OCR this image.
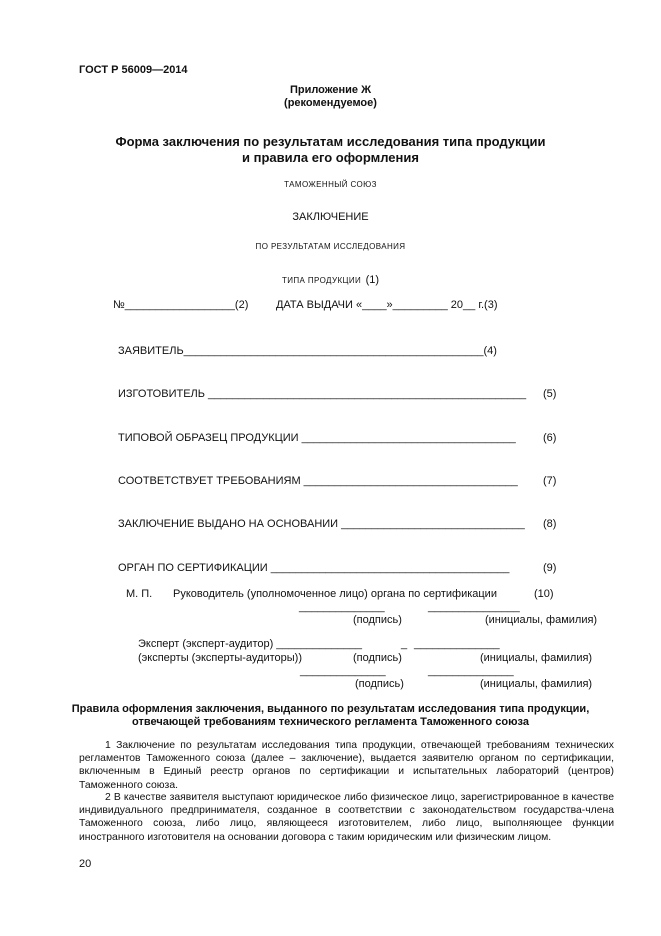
ГОСТ Р 56009—2014
Приложение Ж
(рекомендуемое)
Форма заключения по результатам исследования типа продукции
и правила его оформления
ТАМОЖЕННЫЙ СОЮЗ
ЗАКЛЮЧЕНИЕ
ПО РЕЗУЛЬТАТАМ ИССЛЕДОВАНИЯ
ТИПА ПРОДУКЦИИ (1)
№__________________(2)	ДАТА ВЫДАЧИ «____»_________ 20__ г.(3)
ЗАЯВИТЕЛЬ_________________________________________________(4)
ИЗГОТОВИТЕЛЬ ____________________________________________________ (5)
ТИПОВОЙ ОБРАЗЕЦ ПРОДУКЦИИ ___________________________________ (6)
СООТВЕТСТВУЕТ ТРЕБОВАНИЯМ ___________________________________ (7)
ЗАКЛЮЧЕНИЕ ВЫДАНО НА ОСНОВАНИИ ______________________________ (8)
ОРГАН ПО СЕРТИФИКАЦИИ _______________________________________	(9)
М. П. Руководитель (уполномоченное лицо) органа по сертификации	(10)
______________	_______________
(подпись)	(инициалы, фамилия)
Эксперт (эксперт-аудитор) ______________	_ ______________
(эксперты (эксперты-аудиторы))	(подпись)	(инициалы, фамилия)
______________	______________
(подпись)	(инициалы, фамилия)
Правила оформления заключения, выданного по результатам исследования типа продукции,
отвечающей требованиям технического регламента Таможенного союза

1 Заключение по результатам исследования типа продукции, отвечающей требованиям технических регламентов Таможенного союза (далее – заключение), выдается заявителю органом по сертификации, включенным в Единый реестр органов по сертификации и испытательных лабораторий (центров) Таможенного союза.

2 В качестве заявителя выступают юридическое либо физическое лицо, зарегистрированное в качестве индивидуального предпринимателя, созданное в соответствии с законодательством государства-члена Таможенного союза, либо лицо, являющееся изготовителем, либо лицо, выполняющее функции иностранного изготовителя на основании договора с таким юридическим или физическим лицом.

20
